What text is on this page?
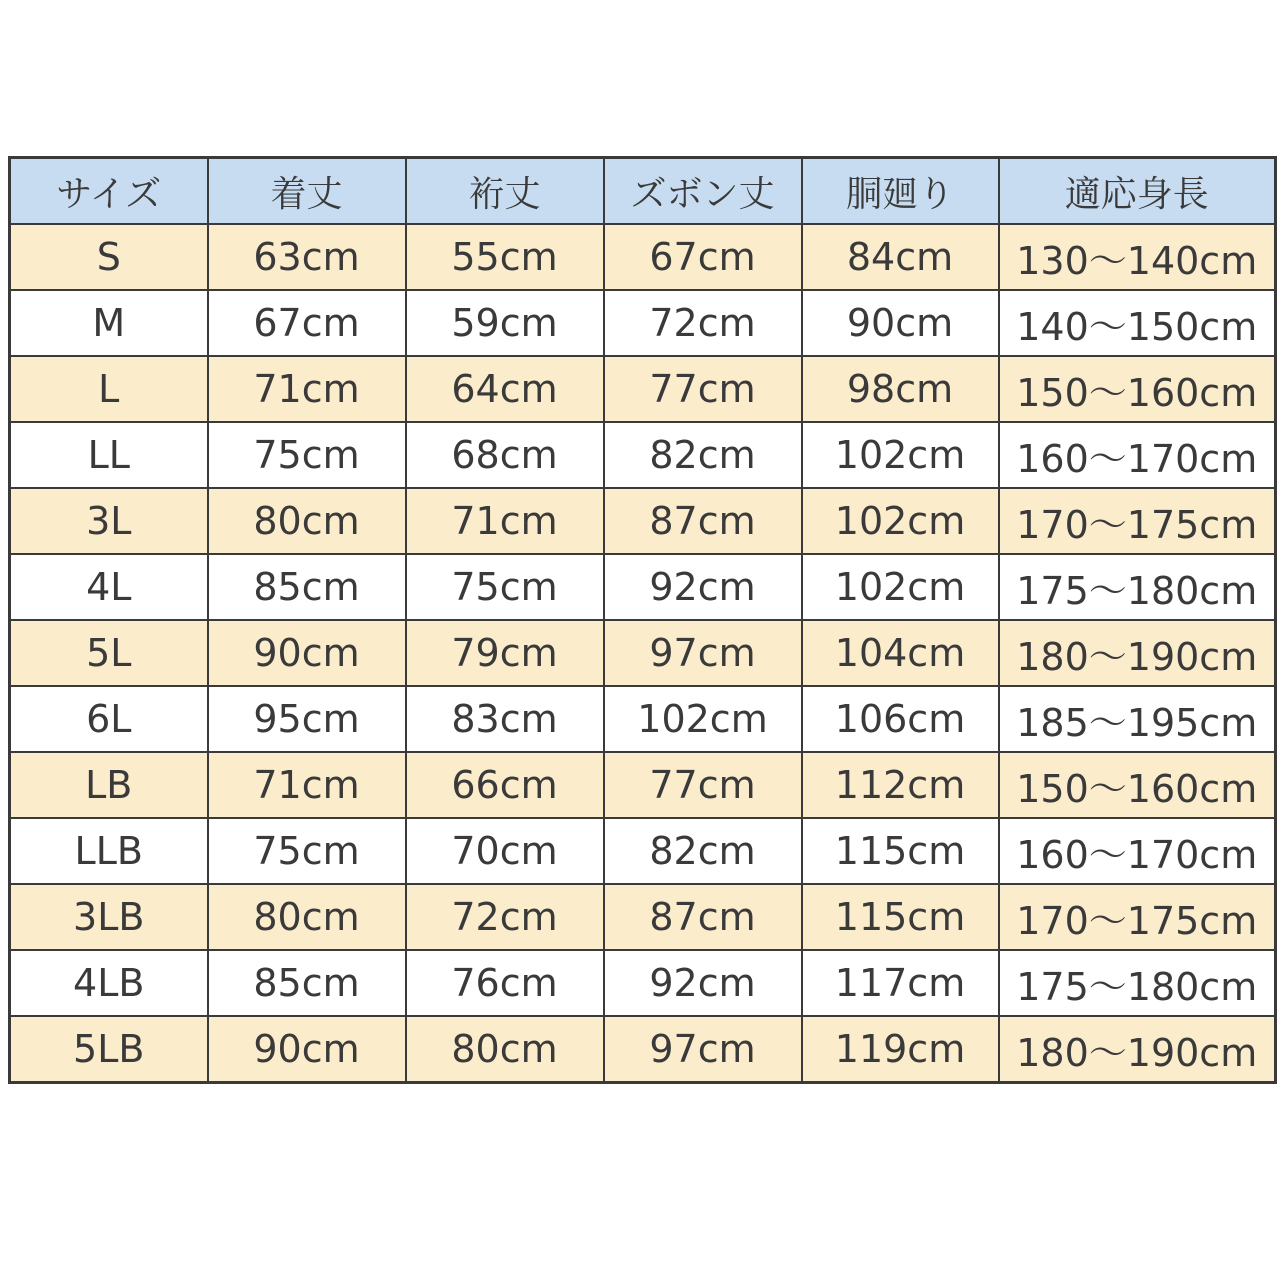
サイズ	着丈	裄丈	ズボン丈	胴廻り	適応身長
S	63cm	55cm	67cm	84cm	130～140cm
M	67cm	59cm	72cm	90cm	140～150cm
L	71cm	64cm	77cm	98cm	150～160cm
LL	75cm	68cm	82cm	102cm	160～170cm
3L	80cm	71cm	87cm	102cm	170～175cm
4L	85cm	75cm	92cm	102cm	175～180cm
5L	90cm	79cm	97cm	104cm	180～190cm
6L	95cm	83cm	102cm	106cm	185～195cm
LB	71cm	66cm	77cm	112cm	150～160cm
LLB	75cm	70cm	82cm	115cm	160～170cm
3LB	80cm	72cm	87cm	115cm	170～175cm
4LB	85cm	76cm	92cm	117cm	175～180cm
5LB	90cm	80cm	97cm	119cm	180～190cm
